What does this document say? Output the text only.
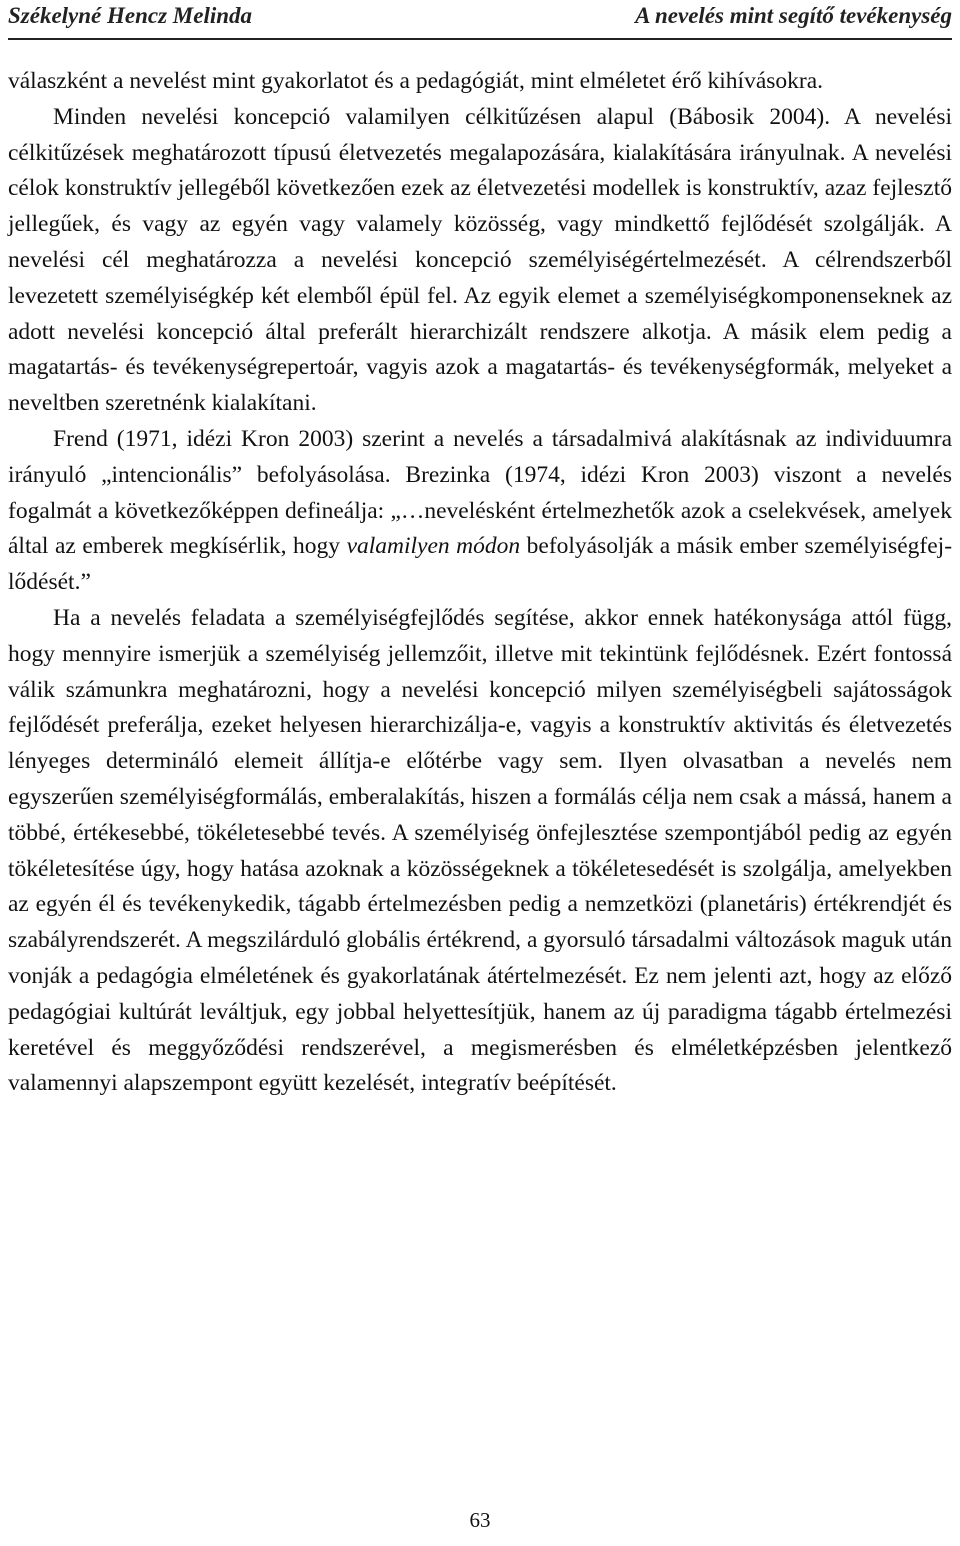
Székelyné Hencz Melinda	A nevelés mint segítő tevékenység

válaszként a nevelést mint gyakorlatot és a pedagógiát, mint elméletet érő kihívásokra.

Minden nevelési koncepció valamilyen célkitűzésen alapul (Bábosik 2004). A nevelési célkitűzések meghatározott típusú életvezetés megalapozására, kialakítására irányulnak. A nevelési célok konstruktív jellegéből következően ezek az életvezetési modellek is konstruktív, azaz fejlesztő jellegűek, és vagy az egyén vagy valamely közösség, vagy mindkettő fejlődését szolgálják. A nevelési cél meghatározza a nevelési koncepció személyiségértelmezését. A célrendszerből levezetett személyiségkép két elemből épül fel. Az egyik elemet a személyiségkomponenseknek az adott nevelési koncepció által preferált hierarchizált rendszere alkotja. A másik elem pedig a magatartás- és tevékenységrepertoár, vagyis azok a magatartás- és tevékenységformák, melyeket a neveltben szeretnénk kialakítani.

Frend (1971, idézi Kron 2003) szerint a nevelés a társadalmivá alakításnak az individuumra irányuló „intencionális” befolyásolása. Brezinka (1974, idézi Kron 2003) viszont a nevelés fogalmát a következőképpen defineálja: „…nevelésként értelmezhetők azok a cselekvések, amelyek által az emberek megkísérlik, hogy valamilyen módon befolyásolják a másik ember személyiségfejlődését.”

Ha a nevelés feladata a személyiségfejlődés segítése, akkor ennek hatékonysága attól függ, hogy mennyire ismerjük a személyiség jellemzőit, illetve mit tekintünk fejlődésnek. Ezért fontossá válik számunkra meghatározni, hogy a nevelési koncepció milyen személyiségbeli sajátosságok fejlődését preferálja, ezeket helyesen hierarchizálja-e, vagyis a konstruktív aktivitás és életvezetés lényeges determináló elemeit állítja-e előtérbe vagy sem. Ilyen olvasatban a nevelés nem egyszerűen személyiségformálás, emberalakítás, hiszen a formálás célja nem csak a mássá, hanem a többé, értékesebbé, tökéletesebbé tevés. A személyiség önfejlesztése szempontjából pedig az egyén tökéletesítése úgy, hogy hatása azoknak a közösségeknek a tökéletesedését is szolgálja, amelyekben az egyén él és tevékenykedik, tágabb értelmezésben pedig a nemzetközi (planetáris) értékrendjét és szabályrendszerét. A megszilárduló globális értékrend, a gyorsuló társadalmi változások maguk után vonják a pedagógia elméletének és gyakorlatának átértelmezését. Ez nem jelenti azt, hogy az előző pedagógiai kultúrát leváltjuk, egy jobbal helyettesítjük, hanem az új paradigma tágabb értelmezési keretével és meggyőződési rendszerével, a megismerésben és elméletképzésben jelentkező valamennyi alapszempont együtt kezelését, integratív beépítését.

63
